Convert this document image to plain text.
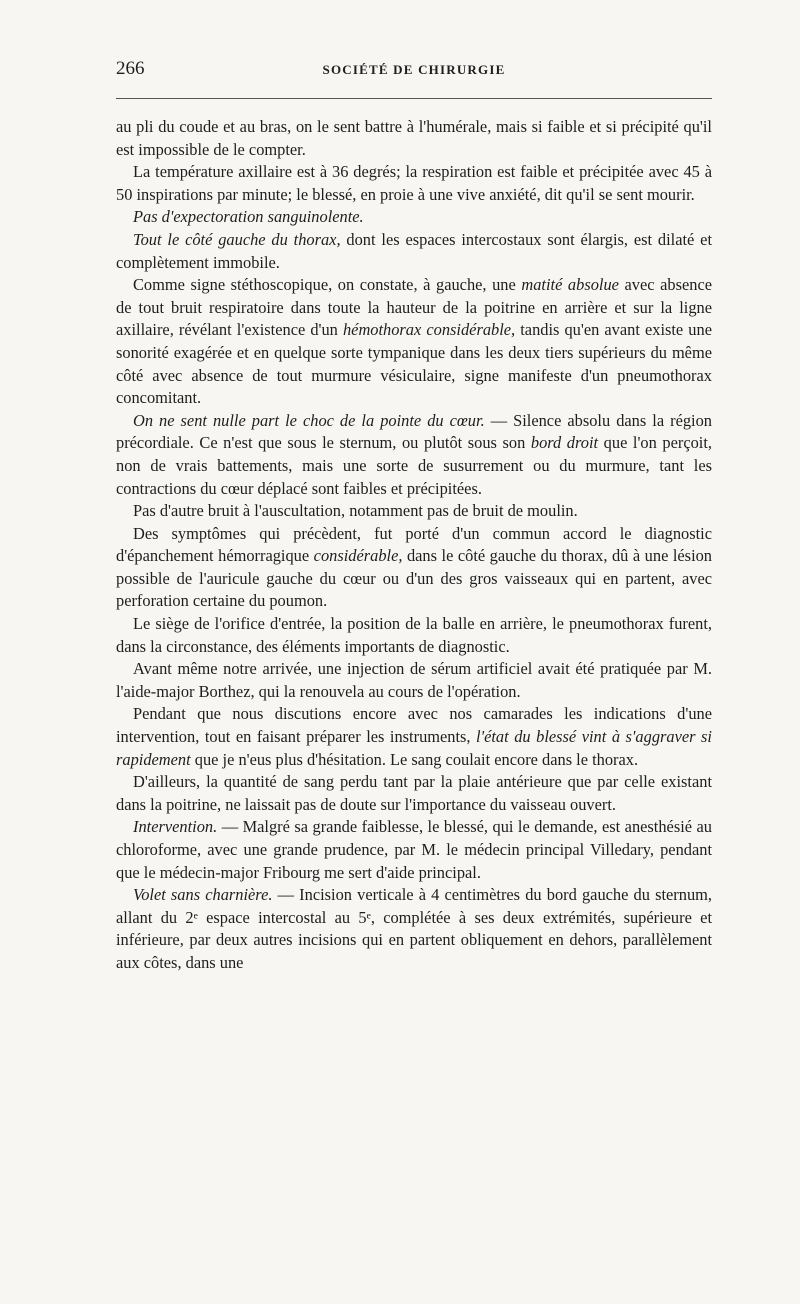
266	SOCIÉTÉ DE CHIRURGIE

au pli du coude et au bras, on le sent battre à l'humérale, mais si faible et si précipité qu'il est impossible de le compter.

La température axillaire est à 36 degrés; la respiration est faible et précipitée avec 45 à 50 inspirations par minute; le blessé, en proie à une vive anxiété, dit qu'il se sent mourir.

Pas d'expectoration sanguinolente.

Tout le côté gauche du thorax, dont les espaces intercostaux sont élargis, est dilaté et complètement immobile.

Comme signe stéthoscopique, on constate, à gauche, une matité absolue avec absence de tout bruit respiratoire dans toute la hauteur de la poitrine en arrière et sur la ligne axillaire, révélant l'existence d'un hémothorax considérable, tandis qu'en avant existe une sonorité exagérée et en quelque sorte tympanique dans les deux tiers supérieurs du même côté avec absence de tout murmure vésiculaire, signe manifeste d'un pneumothorax concomitant.

On ne sent nulle part le choc de la pointe du cœur. — Silence absolu dans la région précordiale. Ce n'est que sous le sternum, ou plutôt sous son bord droit que l'on perçoit, non de vrais battements, mais une sorte de susurrement ou du murmure, tant les contractions du cœur déplacé sont faibles et précipitées.

Pas d'autre bruit à l'auscultation, notamment pas de bruit de moulin.

Des symptômes qui précèdent, fut porté d'un commun accord le diagnostic d'épanchement hémorragique considérable, dans le côté gauche du thorax, dû à une lésion possible de l'auricule gauche du cœur ou d'un des gros vaisseaux qui en partent, avec perforation certaine du poumon.

Le siège de l'orifice d'entrée, la position de la balle en arrière, le pneumothorax furent, dans la circonstance, des éléments importants de diagnostic.

Avant même notre arrivée, une injection de sérum artificiel avait été pratiquée par M. l'aide-major Borthez, qui la renouvela au cours de l'opération.

Pendant que nous discutions encore avec nos camarades les indications d'une intervention, tout en faisant préparer les instruments, l'état du blessé vint à s'aggraver si rapidement que je n'eus plus d'hésitation. Le sang coulait encore dans le thorax.

D'ailleurs, la quantité de sang perdu tant par la plaie antérieure que par celle existant dans la poitrine, ne laissait pas de doute sur l'importance du vaisseau ouvert.

Intervention. — Malgré sa grande faiblesse, le blessé, qui le demande, est anesthésié au chloroforme, avec une grande prudence, par M. le médecin principal Villedary, pendant que le médecin-major Fribourg me sert d'aide principal.

Volet sans charnière. — Incision verticale à 4 centimètres du bord gauche du sternum, allant du 2ᵉ espace intercostal au 5ᵉ, complétée à ses deux extrémités, supérieure et inférieure, par deux autres incisions qui en partent obliquement en dehors, parallèlement aux côtes, dans une
